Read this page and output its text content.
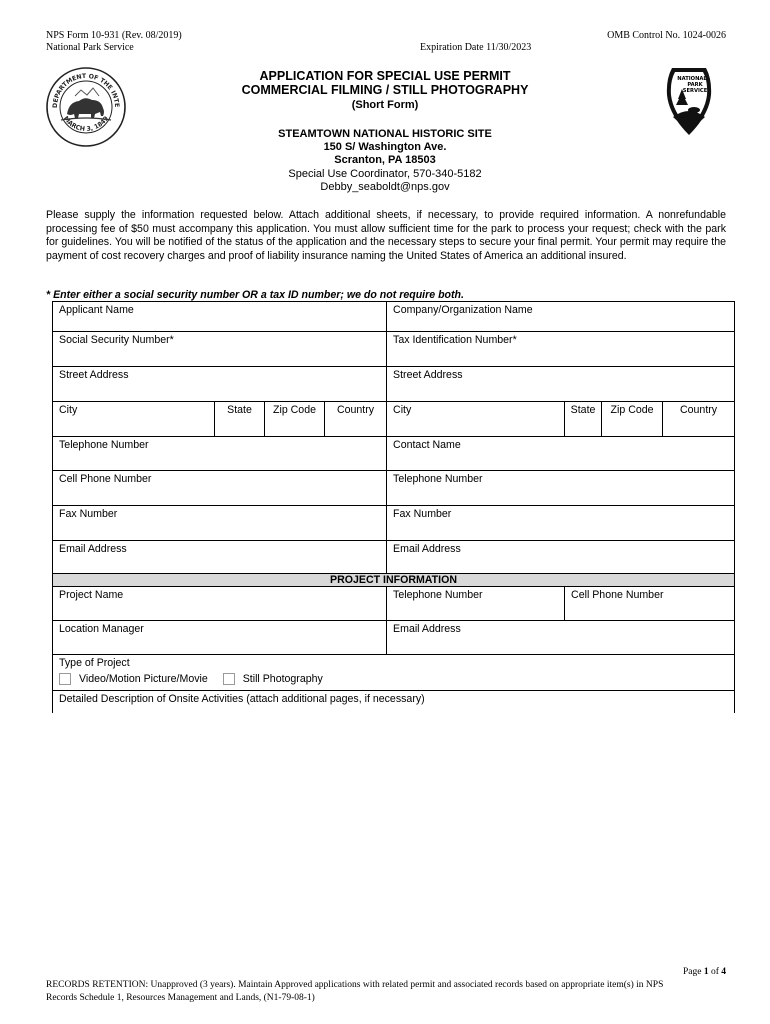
NPS Form 10-931 (Rev. 08/2019)
National Park Service
OMB Control No. 1024-0026
Expiration Date 11/30/2023
DEPARTMENT OF THE INTE
MARCH 3, 1849
NATIONAL
PARK
SERVICE
APPLICATION FOR SPECIAL USE PERMIT
COMMERCIAL FILMING / STILL PHOTOGRAPHY
(Short Form)
STEAMTOWN NATIONAL HISTORIC SITE
150 S/ Washington Ave.
Scranton, PA 18503
Special Use Coordinator, 570-340-5182
Debby_seaboldt@nps.gov
Please supply the information requested below. Attach additional sheets, if necessary, to provide required information. A nonrefundable processing fee of $50 must accompany this application. You must allow sufficient time for the park to process your request; check with the park for guidelines. You will be notified of the status of the application and the necessary steps to secure your final permit. Your permit may require the payment of cost recovery charges and proof of liability insurance naming the United States of America an additional insured.
* Enter either a social security number OR a tax ID number; we do not require both.
Applicant Name				Company/Organization Name			
Social Security Number*				Tax Identification Number*			
Street Address				Street Address			
City	State	Zip Code	Country	City	State	Zip Code	Country
Telephone Number				Contact Name			
Cell Phone Number				Telephone Number			
Fax Number				Fax Number			
Email Address				Email Address			
PROJECT INFORMATION							
Project Name				Telephone Number	Cell Phone Number		
Location Manager				Email Address			

Type of Project
Video/Motion Picture/Movie Still Photography							

Detailed Description of Onsite Activities (attach additional pages, if necessary)							
Page 1 of 4
RECORDS RETENTION: Unapproved (3 years). Maintain Approved applications with related permit and associated records based on appropriate item(s) in NPS
Records Schedule 1, Resources Management and Lands, (N1-79-08-1)
